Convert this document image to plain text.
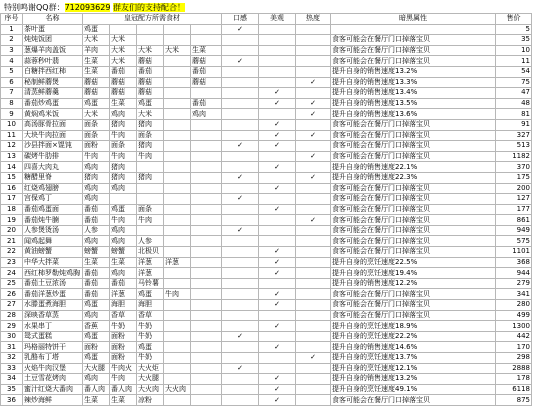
特别鸣谢QQ群：712093629 群友们的支持配合！
序号	名称	皇冠配方所需食材					口感	美观	热度	暗黑属性	售价
1	茶叶蛋	鸡蛋					✓				5
2	炖炖饭团	大米	大米							食客可能会在餐厅门口掉落宝贝	35
3	葱爆羊肉盖饭	羊肉	大米	大米	大米	生菜				食客可能会在餐厅门口掉落宝贝	10
4	蒜蓉秒叶翡	生菜	大米	蘑菇		蘑菇	✓			食客可能会在餐厅门口掉落宝贝	11
5	白糖拌西红柿	生菜	番茄	番茄		番茄				提升自身的销售速度13.2%	54
6	秘制鲜蘑煲	蘑菇	蘑菇	蘑菇		蘑菇			✓	提升自身的销售速度13.3%	75
7	清蒸鲜蘑羹	蘑菇	蘑菇	蘑菇				✓		提升自身的销售速度13.4%	47
8	番茄炒鸡蛋	鸡蛋	生菜	鸡蛋		番茄		✓	✓	提升自身的销售速度13.5%	48
9	黄焖鸡米饭	大米	鸡肉	大米		鸡肉			✓	提升自身的销售速度13.6%	81
10	高汤豚骨拉面	面条	猪肉	猪肉				✓		食客可能会在餐厅门口掉落宝贝	91
11	大块牛肉拉面	面条	牛肉	面条				✓	✓	食客可能会在餐厅门口掉落宝贝	327
12	沙县拌面×馄饨	面粉	面条	猪肉			✓	✓		食客可能会在餐厅门口掉落宝贝	513
13	碳烤牛肋排	牛肉	牛肉	牛肉					✓	食客可能会在餐厅门口掉落宝贝	1182
14	四喜大肉丸	鸡肉	猪肉					✓		提升自身的销售速度22.1%	370
15	糖醋里脊	猪肉	猪肉	猪肉			✓		✓	提升自身的销售速度22.3%	175
16	红烧鸡翅膀	鸡肉	鸡肉					✓		食客可能会在餐厅门口掉落宝贝	200
17	宫保鸡丁	鸡肉					✓			食客可能会在餐厅门口掉落宝贝	127
18	番茄鸡蛋面	番茄	鸡蛋	面条				✓		食客可能会在餐厅门口掉落宝贝	177
19	番茄炖牛腩	番茄	牛肉	牛肉					✓	食客可能会在餐厅门口掉落宝贝	861
20	人参煲烫汤	人参	鸡肉				✓			食客可能会在餐厅门口掉落宝贝	949
21	闻鸡起舞	鸡肉	鸡肉	人参						食客可能会在餐厅门口掉落宝贝	575
22	黄油螃蟹	螃蟹	螃蟹	北极贝				✓		食客可能会在餐厅门口掉落宝贝	1101
23	中华大拌菜	生菜	生菜	洋葱	洋葱			✓		提升自身的烹饪速度22.5%	368
24	西红柿罗勒炖鸡胸	番茄	鸡肉	洋葱				✓		提升自身的烹饪速度19.4%	944
25	番茄土豆浓汤	番茄	番茄	马铃薯						提升自身的销售速度12.2%	279
26	番茄洋葱炒蛋	番茄	洋葱	鸡蛋	牛肉			✓		食客可能会在餐厅门口掉落宝贝	341
27	水滕蛋煮海胆	鸡蛋	海胆	海胆				✓		食客可能会在餐厅门口掉落宝贝	280
28	深映香草蒸	鸡肉	香草	香草						食客可能会在餐厅门口掉落宝贝	499
29	水果串丁	香蕉	牛奶	牛奶				✓		提升自身的烹饪速度18.9%	1300
30	鸳式蛋糕	鸡蛋	面粉	牛奶			✓			提升自身的烹饪速度22.2%	442
31	玛格丽特饼干	面粉	面粉	鸡蛋				✓		提升自身的销售速度14.6%	170
32	乳酪布丁塔	鸡蛋	面粉	牛奶					✓	提升自身的烹饪速度13.7%	298
33	火焰牛肉汉堡	大火腿	牛肉火	大火炬			✓			提升自身的烹饪速度12.1%	2888
34	土豆雪花烤肉	鸡肉	牛肉	大火腿				✓		提升自身的销售速度13.2%	178
35	蜜汁红烧大番肉	番人肉	番人肉	大火肉	大火肉			✓		提升自身的烹饪速度49.1%	6118
36	辣炒海鲜	生菜	生菜	凉粉				✓		食客可能会在餐厅门口掉落宝贝	875
